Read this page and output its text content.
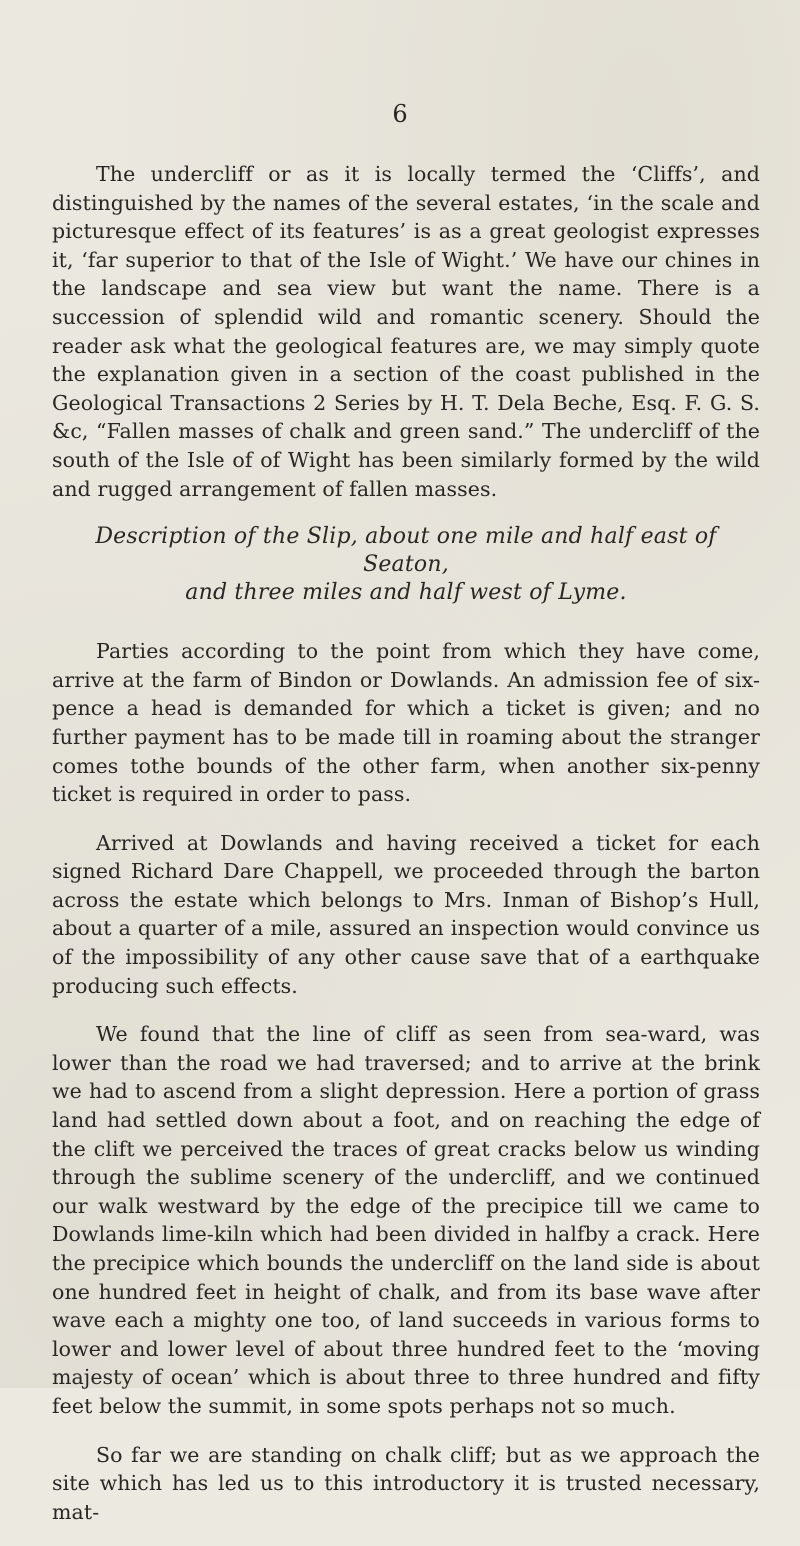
6

The undercliff or as it is locally termed the ‘Cliffs’, and distinguished by the names of the several estates, ‘in the scale and picturesque effect of its features’ is as a great geologist expresses it, ‘far superior to that of the Isle of Wight.’ We have our chines in the landscape and sea view but want the name. There is a succession of splendid wild and romantic scenery. Should the reader ask what the geological features are, we may simply quote the explanation given in a section of the coast published in the Geological Transactions 2 Series by H. T. Dela Beche, Esq. F. G. S. &c, “Fallen masses of chalk and green sand.” The undercliff of the south of the Isle of of Wight has been similarly formed by the wild and rugged arrangement of fallen masses.

Description of the Slip, about one mile and half east of Seaton,
and three miles and half west of Lyme.

Parties according to the point from which they have come, arrive at the farm of Bindon or Dowlands. An admission fee of six-pence a head is demanded for which a ticket is given; and no further payment has to be made till in roaming about the stranger comes tothe bounds of the other farm, when another six-penny ticket is required in order to pass.

Arrived at Dowlands and having received a ticket for each signed Richard Dare Chappell, we proceeded through the barton across the estate which belongs to Mrs. Inman of Bishop’s Hull, about a quarter of a mile, assured an inspection would convince us of the impossibility of any other cause save that of a earthquake producing such effects.

We found that the line of cliff as seen from sea-ward, was lower than the road we had traversed; and to arrive at the brink we had to ascend from a slight depression. Here a portion of grass land had settled down about a foot, and on reaching the edge of the clift we perceived the traces of great cracks below us winding through the sublime scenery of the undercliff, and we continued our walk westward by the edge of the precipice till we came to Dowlands lime-kiln which had been divided in halfby a crack. Here the precipice which bounds the undercliff on the land side is about one hundred feet in height of chalk, and from its base wave after wave each a mighty one too, of land succeeds in various forms to lower and lower level of about three hundred feet to the ‘moving majesty of ocean’ which is about three to three hundred and fifty feet below the summit, in some spots perhaps not so much.

So far we are standing on chalk cliff; but as we approach the site which has led us to this introductory it is trusted necessary, mat-
